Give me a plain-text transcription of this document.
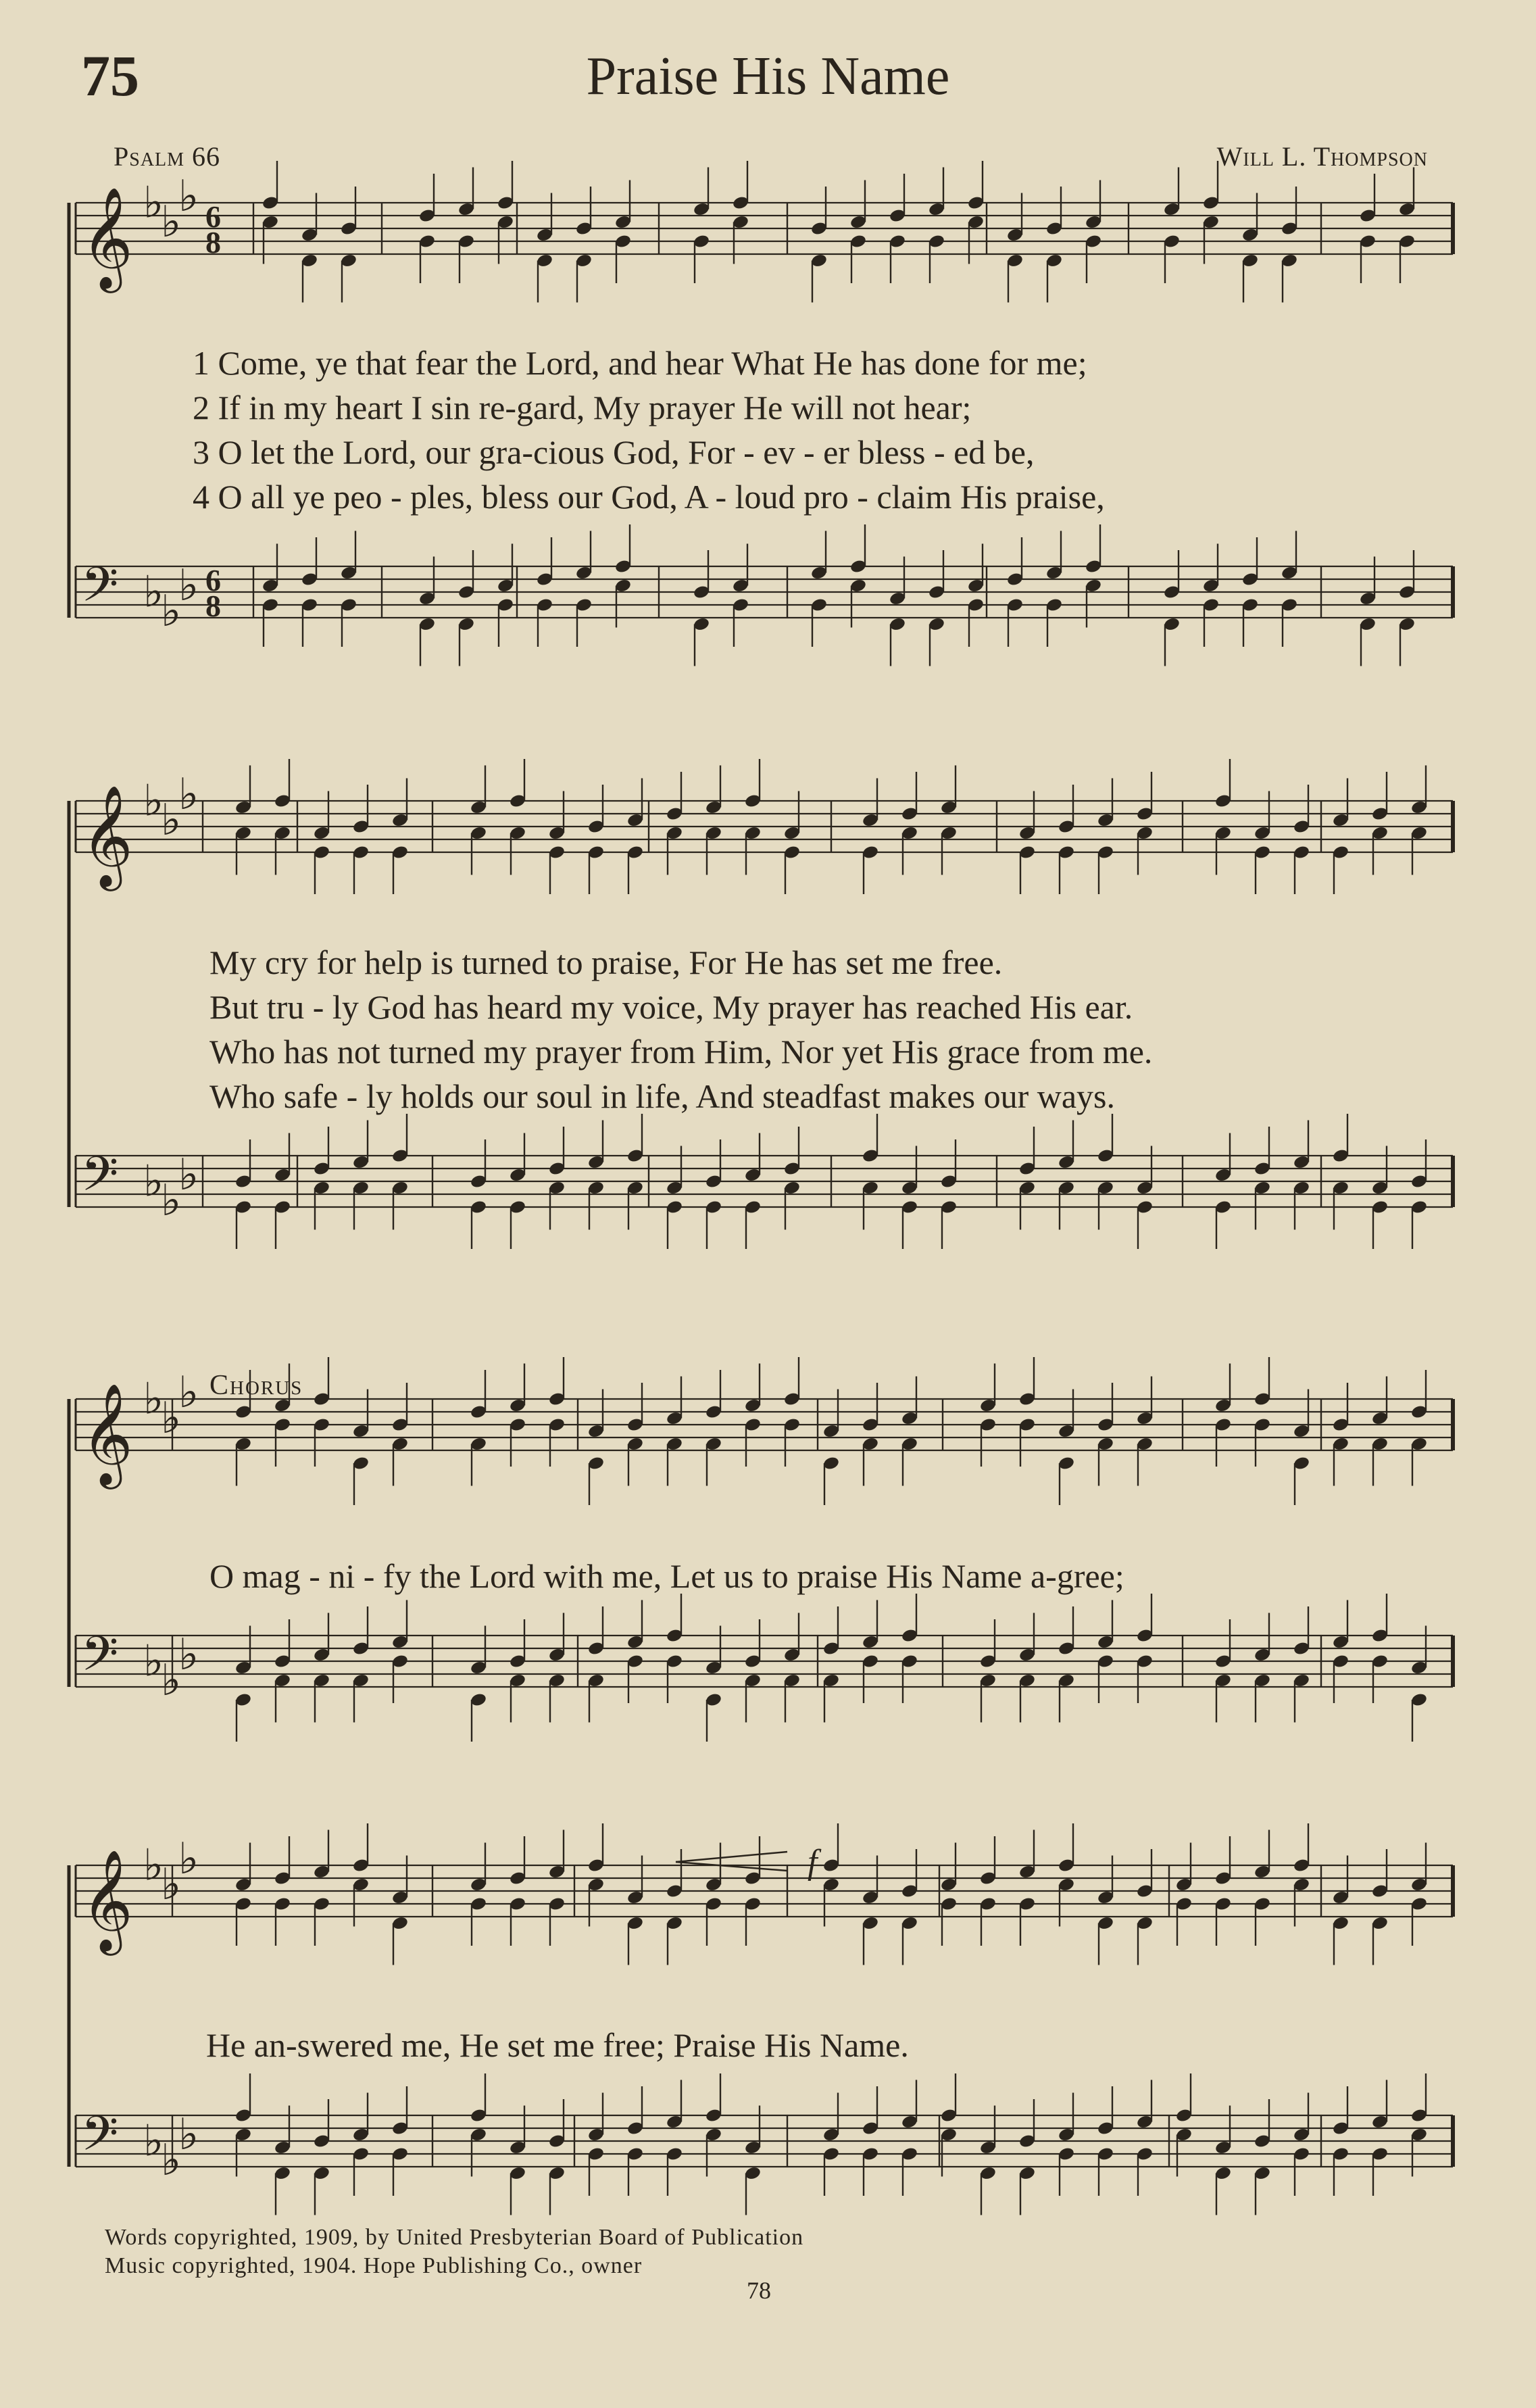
75	Praise His Name
Psalm 66	Will L. Thompson
𝄞 ♭
♭
♭ 6
8
𝄢 ♭
♭
♭ 6
8
𝄞 ♭
♭
♭
𝄢 ♭
♭
♭
𝄞 ♭
♭
♭
𝄢 ♭
♭
♭
𝄞 ♭
♭
♭
𝄢 ♭
♭
♭
f
1 Come, ye that fear the Lord, and hear What He has done for me;
2 If in my heart I sin re-gard, My prayer He will not hear;
3 O let the Lord, our gra-cious God, For - ev - er bless - ed be,
4 O all ye peo - ples, bless our God, A - loud pro - claim His praise,
My cry for help is turned to praise, For He has set me free.
But tru - ly God has heard my voice, My prayer has reached His ear.
Who has not turned my prayer from Him, Nor yet His grace from me.
Who safe - ly holds our soul in life, And steadfast makes our ways.
Chorus
O mag - ni - fy the Lord with me, Let us to praise His Name a-gree;
He an-swered me, He set me free; Praise His Name.
Words copyrighted, 1909, by United Presbyterian Board of Publication
Music copyrighted, 1904. Hope Publishing Co., owner
78
